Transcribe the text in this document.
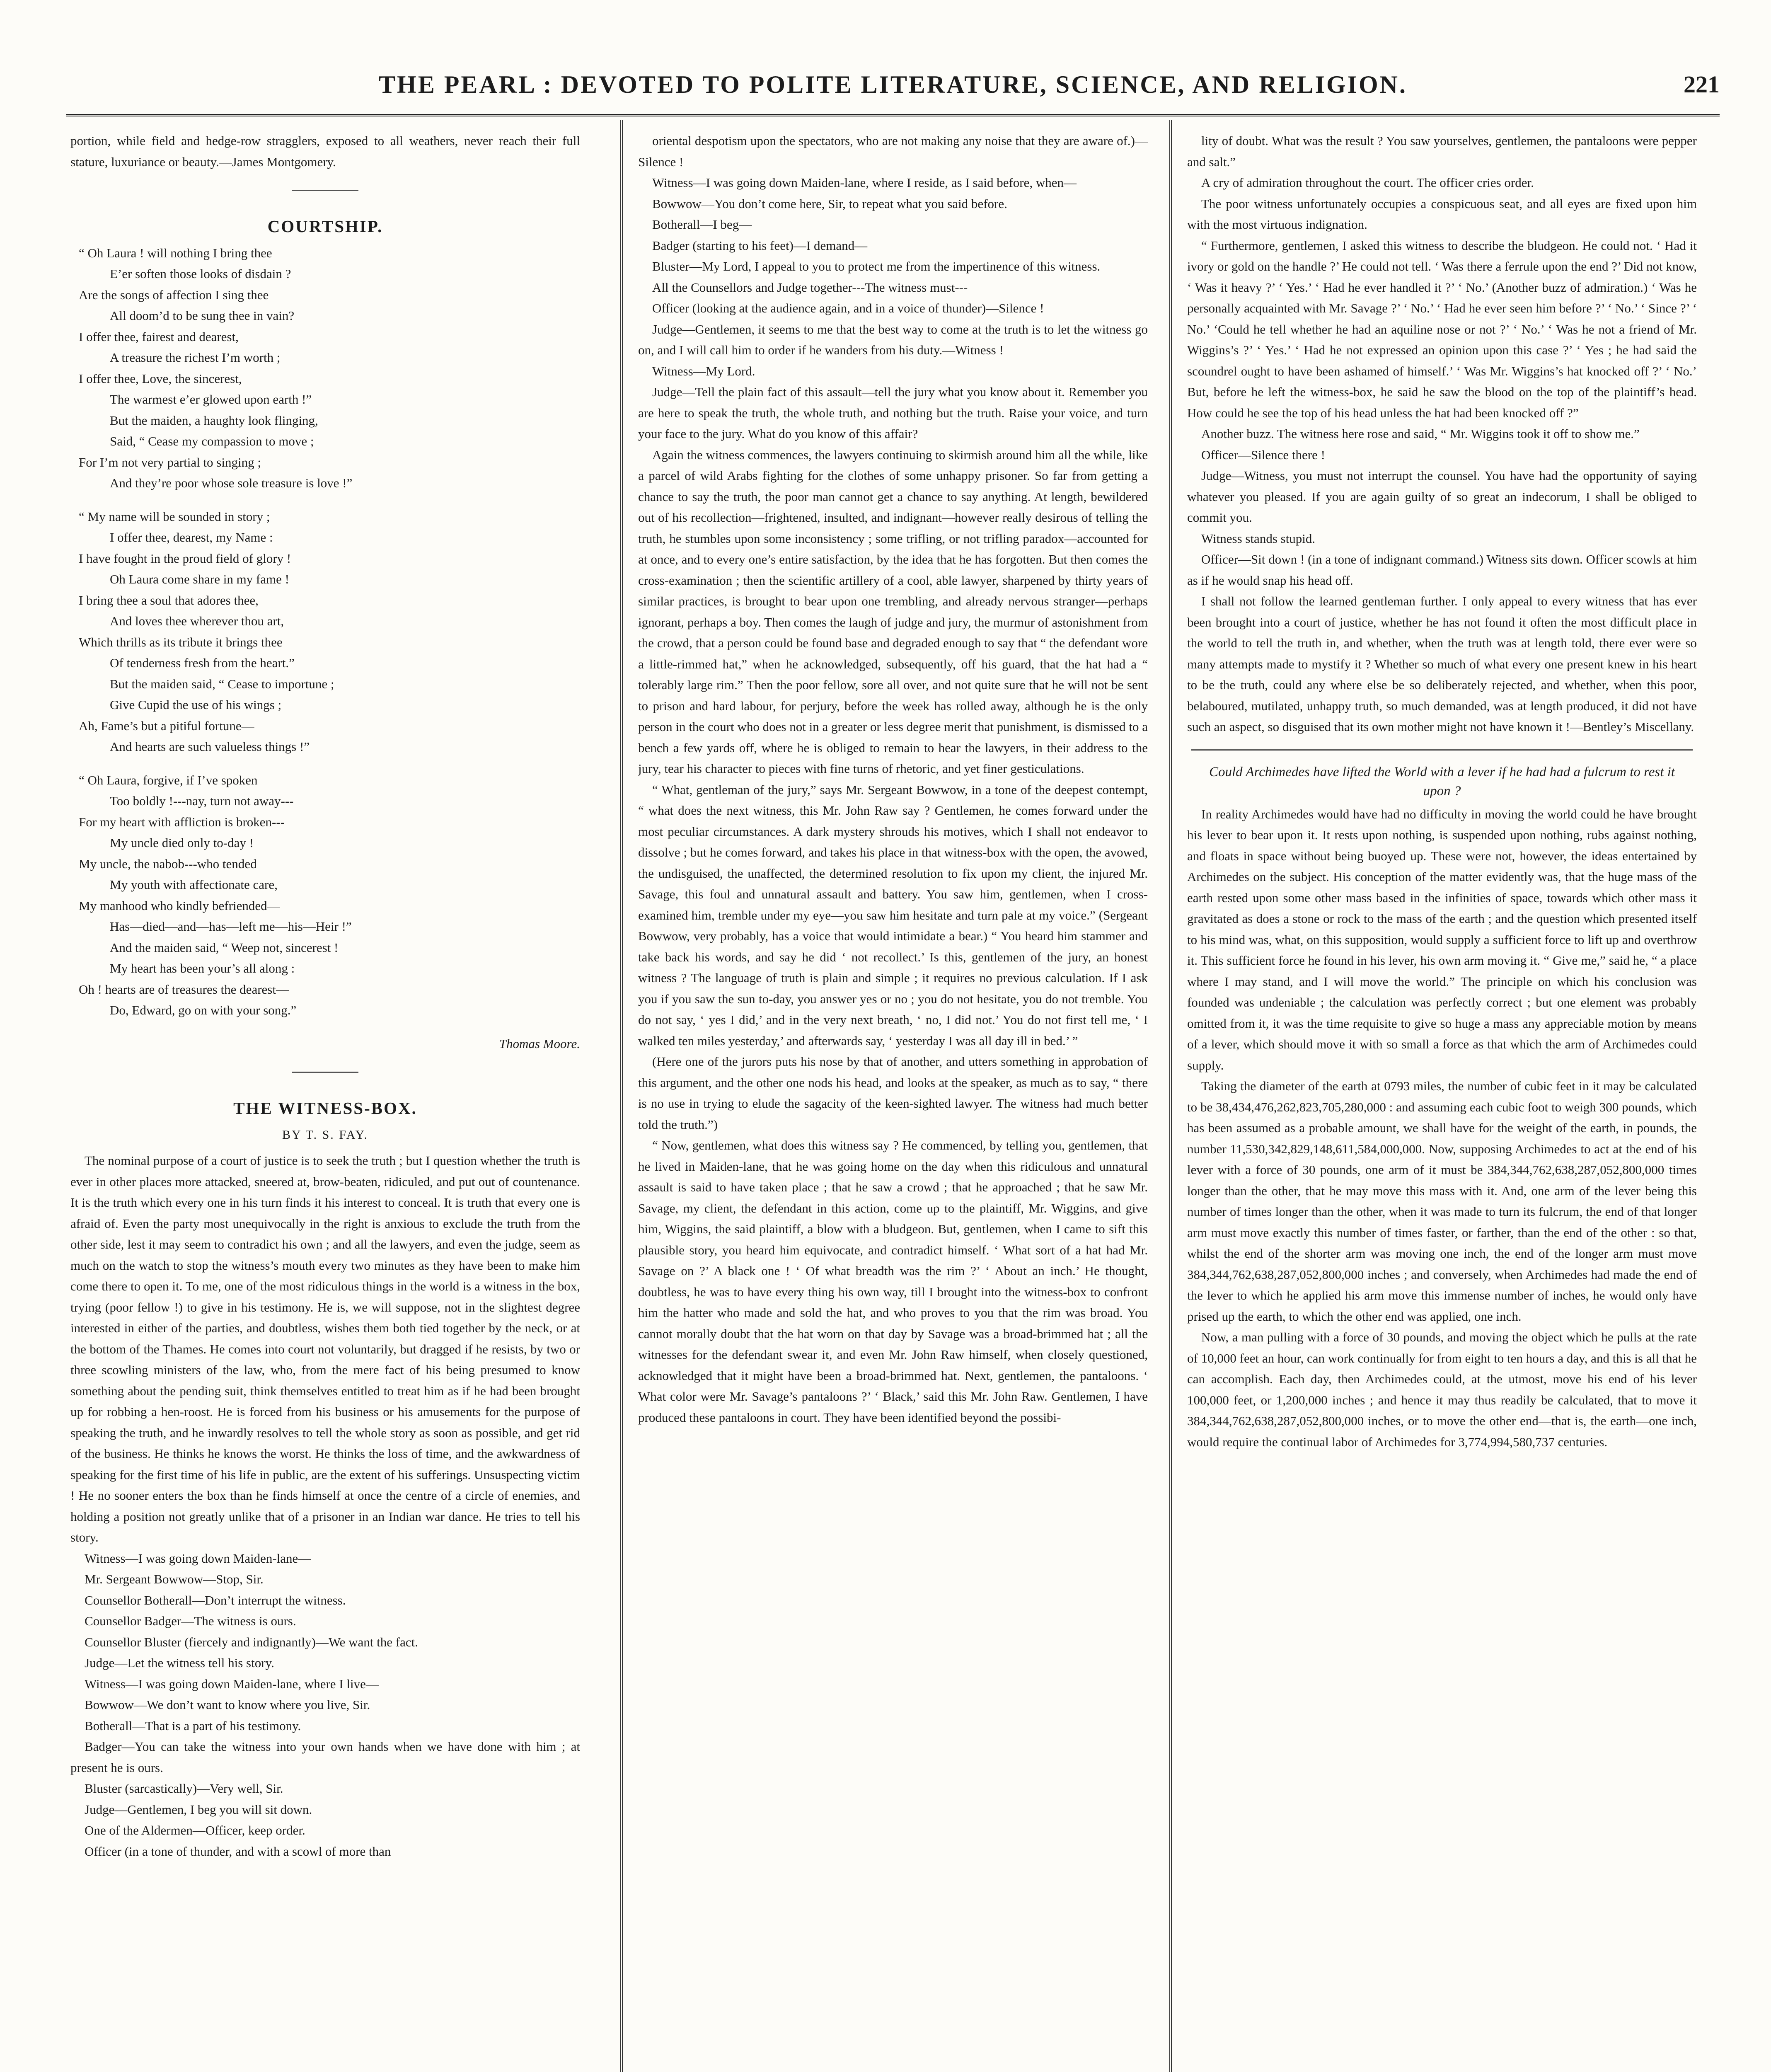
THE PEARL : DEVOTED TO POLITE LITERATURE, SCIENCE, AND RELIGION.	221

portion, while field and hedge-row stragglers, exposed to all weathers, never reach their full stature, luxuriance or beauty.—James Montgomery.

COURTSHIP.

“ Oh Laura ! will nothing I bring thee

E’er soften those looks of disdain ?

Are the songs of affection I sing thee

All doom’d to be sung thee in vain?

I offer thee, fairest and dearest,

A treasure the richest I’m worth ;

I offer thee, Love, the sincerest,

The warmest e’er glowed upon earth !”

But the maiden, a haughty look flinging,

Said, “ Cease my compassion to move ;

For I’m not very partial to singing ;

And they’re poor whose sole treasure is love !”

“ My name will be sounded in story ;

I offer thee, dearest, my Name :

I have fought in the proud field of glory !

Oh Laura come share in my fame !

I bring thee a soul that adores thee,

And loves thee wherever thou art,

Which thrills as its tribute it brings thee

Of tenderness fresh from the heart.”

But the maiden said, “ Cease to importune ;

Give Cupid the use of his wings ;

Ah, Fame’s but a pitiful fortune—

And hearts are such valueless things !”

“ Oh Laura, forgive, if I’ve spoken

Too boldly !---nay, turn not away---

For my heart with affliction is broken---

My uncle died only to-day !

My uncle, the nabob---who tended

My youth with affectionate care,

My manhood who kindly befriended—

Has—died—and—has—left me—his—Heir !”

And the maiden said, “ Weep not, sincerest !

My heart has been your’s all along :

Oh ! hearts are of treasures the dearest—

Do, Edward, go on with your song.”

Thomas Moore.

THE WITNESS-BOX.
BY T. S. FAY.

The nominal purpose of a court of justice is to seek the truth ; but I question whether the truth is ever in other places more attacked, sneered at, brow-beaten, ridiculed, and put out of countenance. It is the truth which every one in his turn finds it his interest to conceal. It is truth that every one is afraid of. Even the party most unequivocally in the right is anxious to exclude the truth from the other side, lest it may seem to contradict his own ; and all the lawyers, and even the judge, seem as much on the watch to stop the witness’s mouth every two minutes as they have been to make him come there to open it. To me, one of the most ridiculous things in the world is a witness in the box, trying (poor fellow !) to give in his testimony. He is, we will suppose, not in the slightest degree interested in either of the parties, and doubtless, wishes them both tied together by the neck, or at the bottom of the Thames. He comes into court not voluntarily, but dragged if he resists, by two or three scowling ministers of the law, who, from the mere fact of his being presumed to know something about the pending suit, think themselves entitled to treat him as if he had been brought up for robbing a hen-roost. He is forced from his business or his amusements for the purpose of speaking the truth, and he inwardly resolves to tell the whole story as soon as possible, and get rid of the business. He thinks he knows the worst. He thinks the loss of time, and the awkwardness of speaking for the first time of his life in public, are the extent of his sufferings. Unsuspecting victim ! He no sooner enters the box than he finds himself at once the centre of a circle of enemies, and holding a position not greatly unlike that of a prisoner in an Indian war dance. He tries to tell his story.

Witness—I was going down Maiden-lane—

Mr. Sergeant Bowwow—Stop, Sir.

Counsellor Botherall—Don’t interrupt the witness.

Counsellor Badger—The witness is ours.

Counsellor Bluster (fiercely and indignantly)—We want the fact.

Judge—Let the witness tell his story.

Witness—I was going down Maiden-lane, where I live—

Bowwow—We don’t want to know where you live, Sir.

Botherall—That is a part of his testimony.

Badger—You can take the witness into your own hands when we have done with him ; at present he is ours.

Bluster (sarcastically)—Very well, Sir.

Judge—Gentlemen, I beg you will sit down.

One of the Aldermen—Officer, keep order.

Officer (in a tone of thunder, and with a scowl of more than

oriental despotism upon the spectators, who are not making any noise that they are aware of.)—Silence !

Witness—I was going down Maiden-lane, where I reside, as I said before, when—

Bowwow—You don’t come here, Sir, to repeat what you said before.

Botherall—I beg—

Badger (starting to his feet)—I demand—

Bluster—My Lord, I appeal to you to protect me from the impertinence of this witness.

All the Counsellors and Judge together---The witness must---

Officer (looking at the audience again, and in a voice of thunder)—Silence !

Judge—Gentlemen, it seems to me that the best way to come at the truth is to let the witness go on, and I will call him to order if he wanders from his duty.—Witness !

Witness—My Lord.

Judge—Tell the plain fact of this assault—tell the jury what you know about it. Remember you are here to speak the truth, the whole truth, and nothing but the truth. Raise your voice, and turn your face to the jury. What do you know of this affair?

Again the witness commences, the lawyers continuing to skirmish around him all the while, like a parcel of wild Arabs fighting for the clothes of some unhappy prisoner. So far from getting a chance to say the truth, the poor man cannot get a chance to say anything. At length, bewildered out of his recollection—frightened, insulted, and indignant—however really desirous of telling the truth, he stumbles upon some inconsistency ; some trifling, or not trifling paradox—accounted for at once, and to every one’s entire satisfaction, by the idea that he has forgotten. But then comes the cross-examination ; then the scientific artillery of a cool, able lawyer, sharpened by thirty years of similar practices, is brought to bear upon one trembling, and already nervous stranger—perhaps ignorant, perhaps a boy. Then comes the laugh of judge and jury, the murmur of astonishment from the crowd, that a person could be found base and degraded enough to say that “ the defendant wore a little-rimmed hat,” when he acknowledged, subsequently, off his guard, that the hat had a “ tolerably large rim.” Then the poor fellow, sore all over, and not quite sure that he will not be sent to prison and hard labour, for perjury, before the week has rolled away, although he is the only person in the court who does not in a greater or less degree merit that punishment, is dismissed to a bench a few yards off, where he is obliged to remain to hear the lawyers, in their address to the jury, tear his character to pieces with fine turns of rhetoric, and yet finer gesticulations.

“ What, gentleman of the jury,” says Mr. Sergeant Bowwow, in a tone of the deepest contempt, “ what does the next witness, this Mr. John Raw say ? Gentlemen, he comes forward under the most peculiar circumstances. A dark mystery shrouds his motives, which I shall not endeavor to dissolve ; but he comes forward, and takes his place in that witness-box with the open, the avowed, the undisguised, the unaffected, the determined resolution to fix upon my client, the injured Mr. Savage, this foul and unnatural assault and battery. You saw him, gentlemen, when I cross-examined him, tremble under my eye—you saw him hesitate and turn pale at my voice.” (Sergeant Bowwow, very probably, has a voice that would intimidate a bear.) “ You heard him stammer and take back his words, and say he did ‘ not recollect.’ Is this, gentlemen of the jury, an honest witness ? The language of truth is plain and simple ; it requires no previous calculation. If I ask you if you saw the sun to-day, you answer yes or no ; you do not hesitate, you do not tremble. You do not say, ‘ yes I did,’ and in the very next breath, ‘ no, I did not.’ You do not first tell me, ‘ I walked ten miles yesterday,’ and afterwards say, ‘ yesterday I was all day ill in bed.’ ”

(Here one of the jurors puts his nose by that of another, and utters something in approbation of this argument, and the other one nods his head, and looks at the speaker, as much as to say, “ there is no use in trying to elude the sagacity of the keen-sighted lawyer. The witness had much better told the truth.”)

“ Now, gentlemen, what does this witness say ? He commenced, by telling you, gentlemen, that he lived in Maiden-lane, that he was going home on the day when this ridiculous and unnatural assault is said to have taken place ; that he saw a crowd ; that he approached ; that he saw Mr. Savage, my client, the defendant in this action, come up to the plaintiff, Mr. Wiggins, and give him, Wiggins, the said plaintiff, a blow with a bludgeon. But, gentlemen, when I came to sift this plausible story, you heard him equivocate, and contradict himself. ‘ What sort of a hat had Mr. Savage on ?’ A black one ! ‘ Of what breadth was the rim ?’ ‘ About an inch.’ He thought, doubtless, he was to have every thing his own way, till I brought into the witness-box to confront him the hatter who made and sold the hat, and who proves to you that the rim was broad. You cannot morally doubt that the hat worn on that day by Savage was a broad-brimmed hat ; all the witnesses for the defendant swear it, and even Mr. John Raw himself, when closely questioned, acknowledged that it might have been a broad-brimmed hat. Next, gentlemen, the pantaloons. ‘ What color were Mr. Savage’s pantaloons ?’ ‘ Black,’ said this Mr. John Raw. Gentlemen, I have produced these pantaloons in court. They have been identified beyond the possibi-

lity of doubt. What was the result ? You saw yourselves, gentlemen, the pantaloons were pepper and salt.”

A cry of admiration throughout the court. The officer cries order.

The poor witness unfortunately occupies a conspicuous seat, and all eyes are fixed upon him with the most virtuous indignation.

“ Furthermore, gentlemen, I asked this witness to describe the bludgeon. He could not. ‘ Had it ivory or gold on the handle ?’ He could not tell. ‘ Was there a ferrule upon the end ?’ Did not know, ‘ Was it heavy ?’ ‘ Yes.’ ‘ Had he ever handled it ?’ ‘ No.’ (Another buzz of admiration.) ‘ Was he personally acquainted with Mr. Savage ?’ ‘ No.’ ‘ Had he ever seen him before ?’ ‘ No.’ ‘ Since ?’ ‘ No.’ ‘Could he tell whether he had an aquiline nose or not ?’ ‘ No.’ ‘ Was he not a friend of Mr. Wiggins’s ?’ ‘ Yes.’ ‘ Had he not expressed an opinion upon this case ?’ ‘ Yes ; he had said the scoundrel ought to have been ashamed of himself.’ ‘ Was Mr. Wiggins’s hat knocked off ?’ ‘ No.’ But, before he left the witness-box, he said he saw the blood on the top of the plaintiff’s head. How could he see the top of his head unless the hat had been knocked off ?”

Another buzz. The witness here rose and said, “ Mr. Wiggins took it off to show me.”

Officer—Silence there !

Judge—Witness, you must not interrupt the counsel. You have had the opportunity of saying whatever you pleased. If you are again guilty of so great an indecorum, I shall be obliged to commit you.

Witness stands stupid.

Officer—Sit down ! (in a tone of indignant command.) Witness sits down. Officer scowls at him as if he would snap his head off.

I shall not follow the learned gentleman further. I only appeal to every witness that has ever been brought into a court of justice, whether he has not found it often the most difficult place in the world to tell the truth in, and whether, when the truth was at length told, there ever were so many attempts made to mystify it ? Whether so much of what every one present knew in his heart to be the truth, could any where else be so deliberately rejected, and whether, when this poor, belaboured, mutilated, unhappy truth, so much demanded, was at length produced, it did not have such an aspect, so disguised that its own mother might not have known it !—Bentley’s Miscellany.

Could Archimedes have lifted the World with a lever if he had had a fulcrum to rest it upon ?

In reality Archimedes would have had no difficulty in moving the world could he have brought his lever to bear upon it. It rests upon nothing, is suspended upon nothing, rubs against nothing, and floats in space without being buoyed up. These were not, however, the ideas entertained by Archimedes on the subject. His conception of the matter evidently was, that the huge mass of the earth rested upon some other mass based in the infinities of space, towards which other mass it gravitated as does a stone or rock to the mass of the earth ; and the question which presented itself to his mind was, what, on this supposition, would supply a sufficient force to lift up and overthrow it. This sufficient force he found in his lever, his own arm moving it. “ Give me,” said he, “ a place where I may stand, and I will move the world.” The principle on which his conclusion was founded was undeniable ; the calculation was perfectly correct ; but one element was probably omitted from it, it was the time requisite to give so huge a mass any appreciable motion by means of a lever, which should move it with so small a force as that which the arm of Archimedes could supply.

Taking the diameter of the earth at 0793 miles, the number of cubic feet in it may be calculated to be 38,434,476,262,823,705,280,000 : and assuming each cubic foot to weigh 300 pounds, which has been assumed as a probable amount, we shall have for the weight of the earth, in pounds, the number 11,530,342,829,148,611,584,000,000. Now, supposing Archimedes to act at the end of his lever with a force of 30 pounds, one arm of it must be 384,344,762,638,287,052,800,000 times longer than the other, that he may move this mass with it. And, one arm of the lever being this number of times longer than the other, when it was made to turn its fulcrum, the end of that longer arm must move exactly this number of times faster, or farther, than the end of the other : so that, whilst the end of the shorter arm was moving one inch, the end of the longer arm must move 384,344,762,638,287,052,800,000 inches ; and conversely, when Archimedes had made the end of the lever to which he applied his arm move this immense number of inches, he would only have prised up the earth, to which the other end was applied, one inch.

Now, a man pulling with a force of 30 pounds, and moving the object which he pulls at the rate of 10,000 feet an hour, can work continually for from eight to ten hours a day, and this is all that he can accomplish. Each day, then Archimedes could, at the utmost, move his end of his lever 100,000 feet, or 1,200,000 inches ; and hence it may thus readily be calculated, that to move it 384,344,762,638,287,052,800,000 inches, or to move the other end—that is, the earth—one inch, would require the continual labor of Archimedes for 3,774,994,580,737 centuries.
